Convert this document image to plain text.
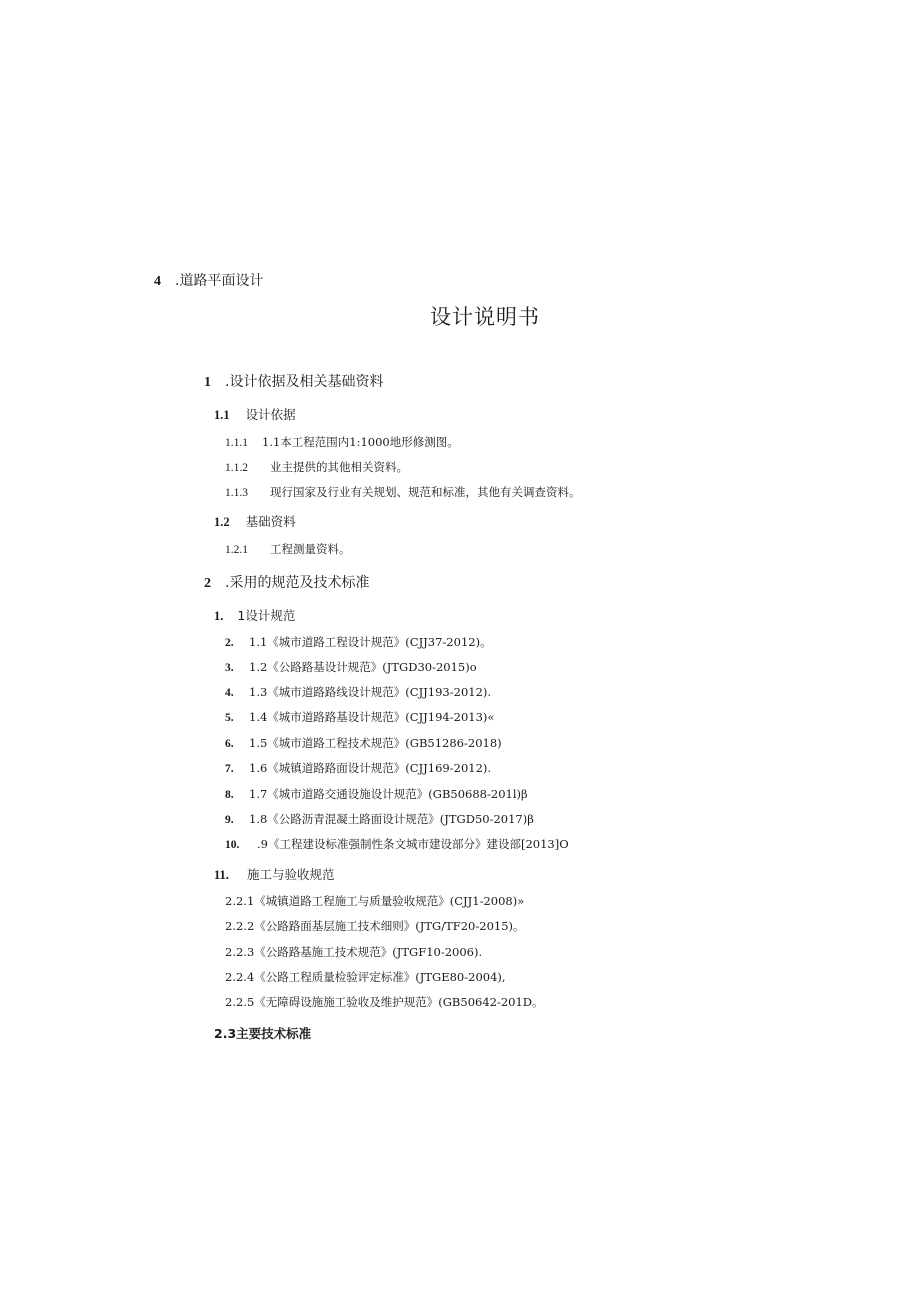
4 .道路平面设计
设计说明书
1 .设计依据及相关基础资料
1.1 设计依据
1.1.1 1.1本工程范围内1:1000地形修测图。
1.1.2 业主提供的其他相关资料。
1.1.3 现行国家及行业有关规划、规范和标准，其他有关调查资料。
1.2 基础资料
1.2.1 工程测量资料。
2 .采用的规范及技术标准
1. 1设计规范
2. 1.1《城市道路工程设计规范》(CJJ37-2012)。
3. 1.2《公路路基设计规范》(JTGD30-2015)o
4. 1.3《城市道路路线设计规范》(CJJ193-2012).
5. 1.4《城市道路路基设计规范》(CJJ194-2013)«
6. 1.5《城市道路工程技术规范》(GB51286-2018)
7. 1.6《城镇道路路面设计规范》(CJJ169-2012).
8. 1.7《城市道路交通设施设计规范》(GB50688-201l)β
9. 1.8《公路沥青混凝土路面设计规范》(JTGD50-2017)β
10. .9《工程建设标准强制性条文城市建设部分》建设部[2013]O
11. 施工与验收规范
2.2.1《城镇道路工程施工与质量验收规范》(CJJ1-2008)»
2.2.2《公路路面基层施工技术细则》(JTG/TF20-2015)。
2.2.3《公路路基施工技术规范》(JTGF10-2006).
2.2.4《公路工程质量检验评定标准》(JTGE80-2004),
2.2.5《无障碍设施施工验收及维护规范》(GB50642-201D。
2.3主要技术标准
